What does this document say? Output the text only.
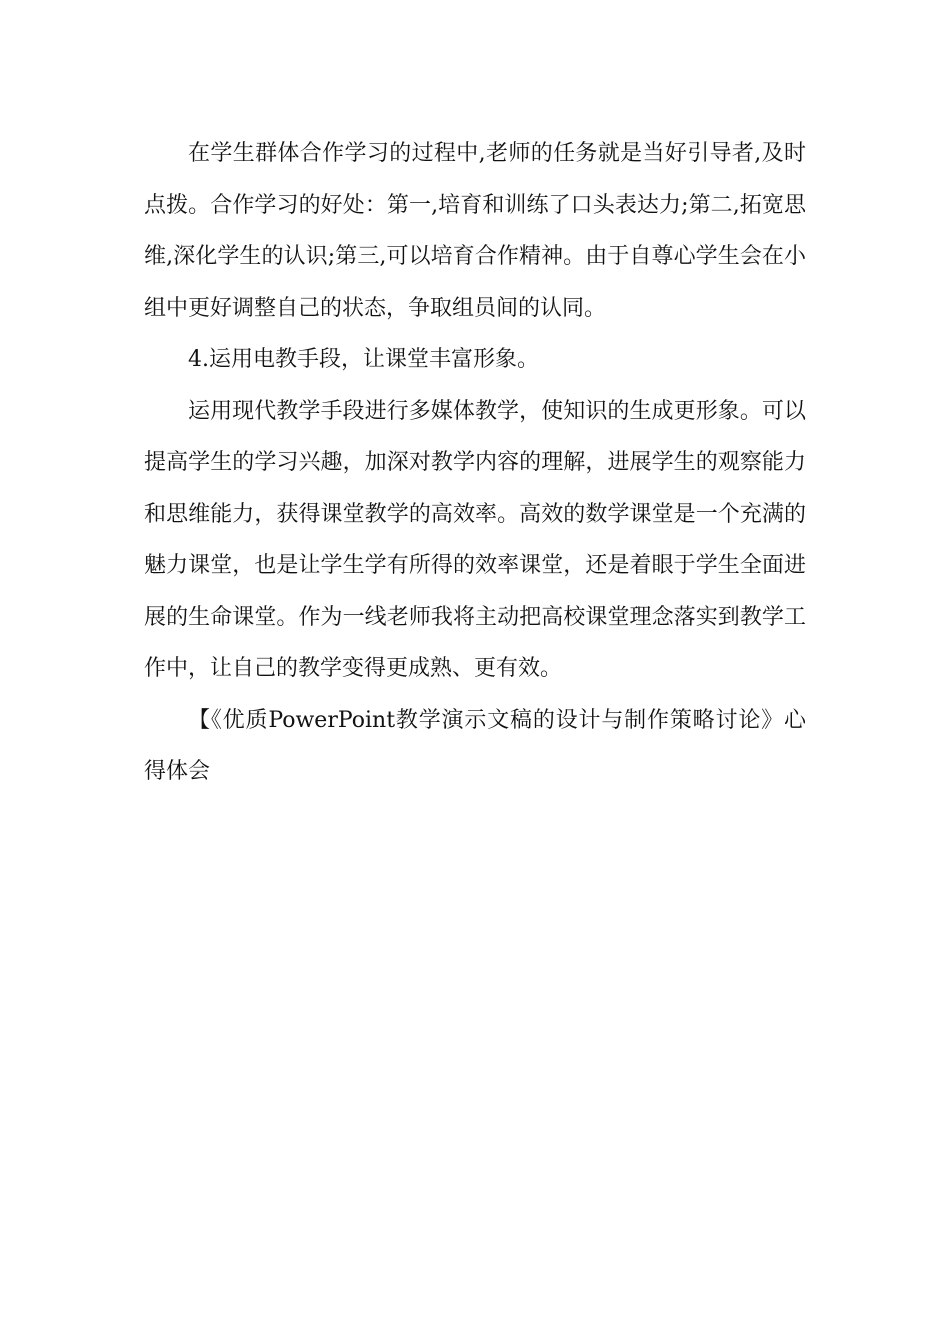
在学生群体合作学习的过程中,老师的任务就是当好引导者,及时点拨。合作学习的好处：第一,培育和训练了口头表达力;第二,拓宽思维,深化学生的认识;第三,可以培育合作精神。由于自尊心学生会在小组中更好调整自己的状态，争取组员间的认同。

4.运用电教手段，让课堂丰富形象。

运用现代教学手段进行多媒体教学，使知识的生成更形象。可以提高学生的学习兴趣，加深对教学内容的理解，进展学生的观察能力和思维能力，获得课堂教学的高效率。高效的数学课堂是一个充满的魅力课堂，也是让学生学有所得的效率课堂，还是着眼于学生全面进展的生命课堂。作为一线老师我将主动把高校课堂理念落实到教学工作中，让自己的教学变得更成熟、更有效。

【《优质PowerPoint教学演示文稿的设计与制作策略讨论》心得体会
